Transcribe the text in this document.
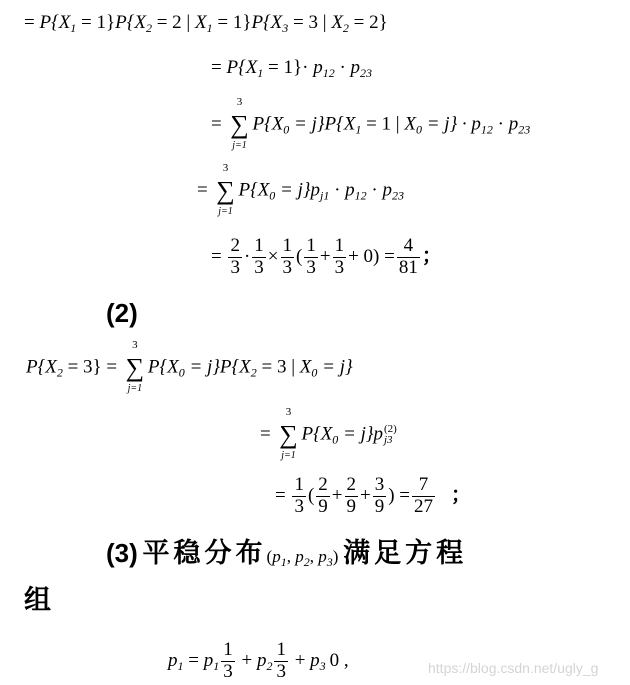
= $P\{X_1 = 1\}P\{X_2 = 2$ | $X_1 = 1\}P\{X_3 = 3$ | $X_2 = 2$}
= $P\{X_1 = 1\}\cdot p_{12} \cdot p_{23}$
=
3
∑
j=1
$P\{X_0 = j\}P\{X_1 = 1$ | $X_0 = j\} \cdot p_{12} \cdot p_{23}$
=
3
∑
j=1
$P\{X_0 = j\}p_{j1} \cdot p_{12} \cdot p_{23}$
= $\frac{2}{3} \cdot \frac{1}{3} \times \frac{1}{3}$ ( $\frac{1}{3} + \frac{1}{3} + 0) = \frac{4}{81}$ ；
(2)
$P\{X_2 = 3\}$ =
3
∑
j=1
$P\{X_0 = j\}P\{X_2 = 3$ | $X_0 = j$}
=
3
∑
j=1
$P\{X_0 = j\}p$ (2)
j3
= $\frac{1}{3}$ ( $\frac{2}{9} + \frac{2}{9} + \frac{3}{9}$ ) = $\frac{7}{27}$ ；
(3) 平稳分布($p_1$, $p_2$, $p_3$) 满足方程
组
$p_1 = p_1 \frac{1}{3} + p_2 \frac{1}{3} + p_3$ 0 ,	https://blog.csdn.net/ugly_g
